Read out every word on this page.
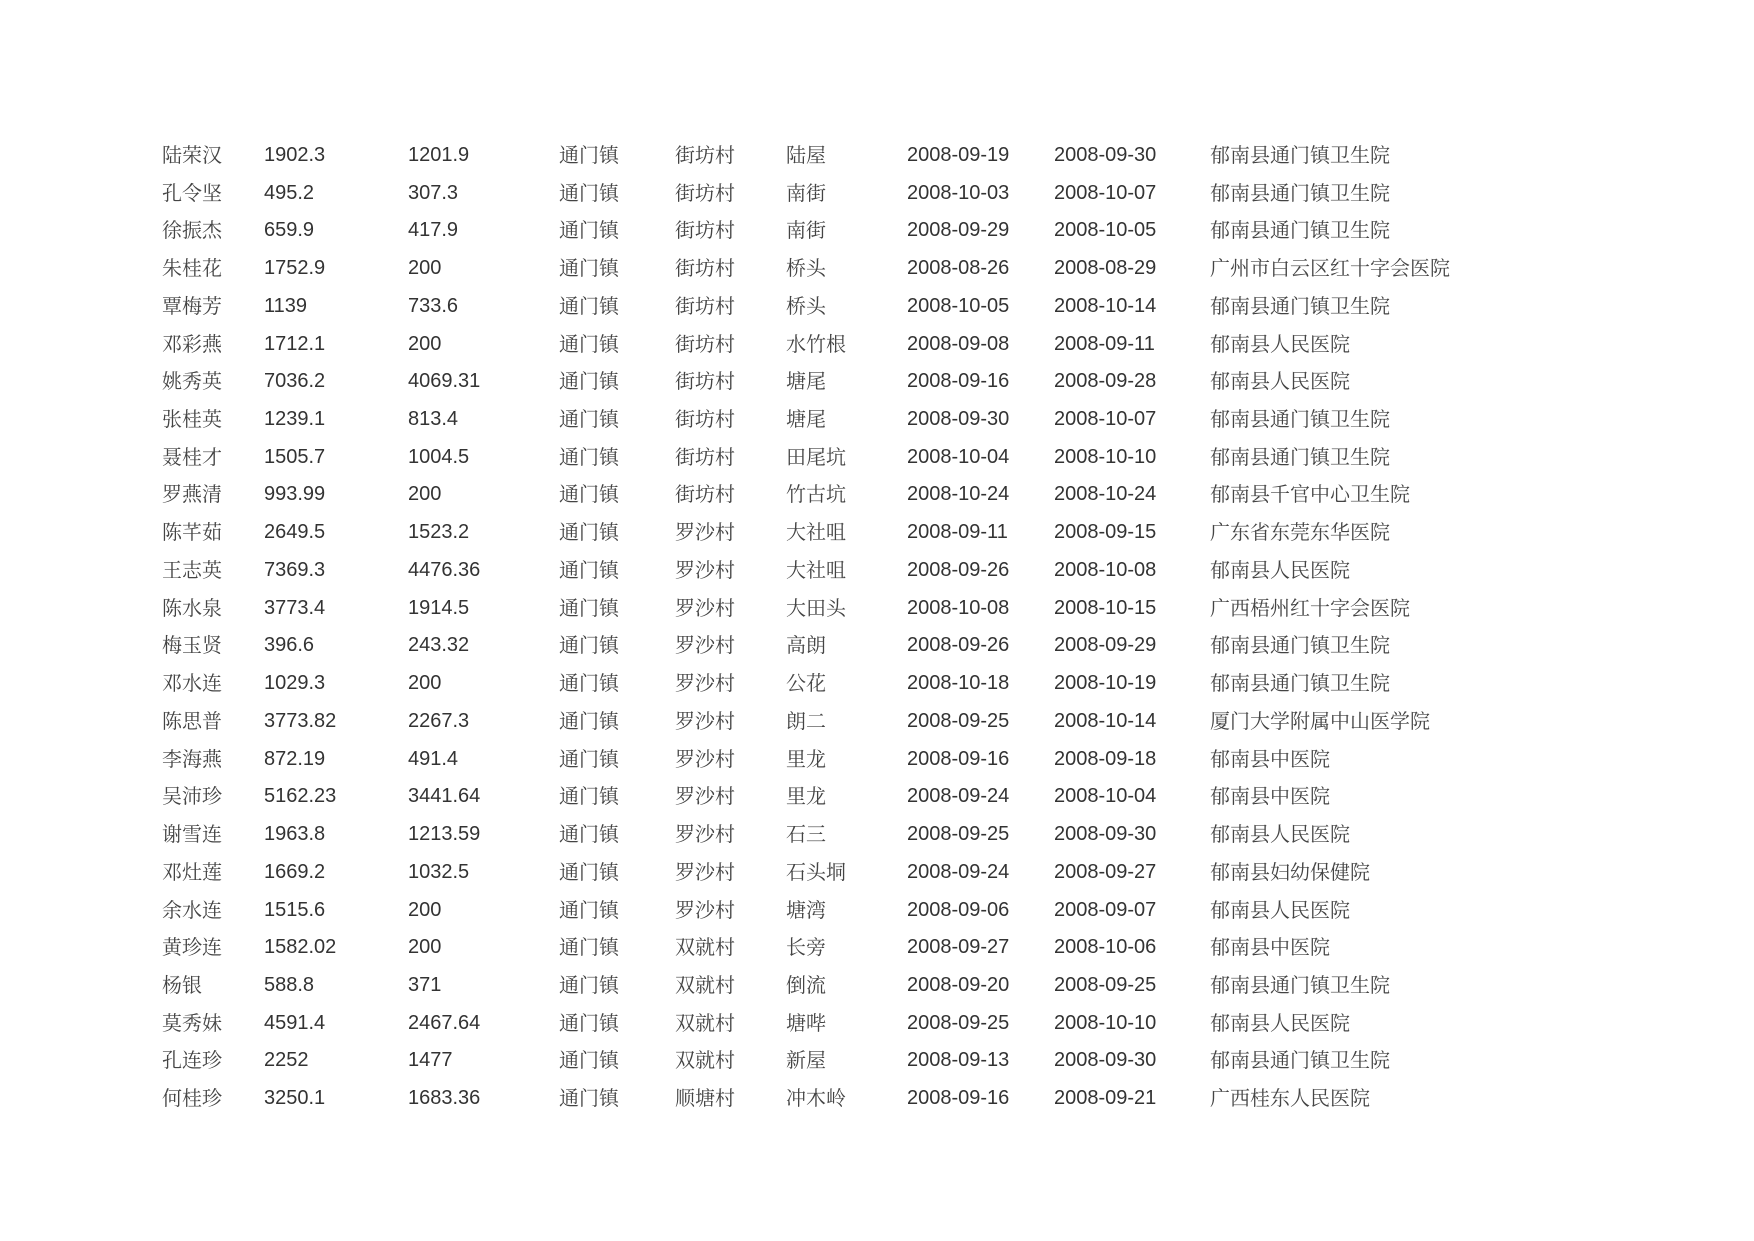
陆荣汉	1902.3	1201.9	通门镇	街坊村	陆屋	2008-09-19	2008-09-30	郁南县通门镇卫生院
孔令坚	495.2	307.3	通门镇	街坊村	南街	2008-10-03	2008-10-07	郁南县通门镇卫生院
徐振杰	659.9	417.9	通门镇	街坊村	南街	2008-09-29	2008-10-05	郁南县通门镇卫生院
朱桂花	1752.9	200	通门镇	街坊村	桥头	2008-08-26	2008-08-29	广州市白云区红十字会医院
覃梅芳	1139	733.6	通门镇	街坊村	桥头	2008-10-05	2008-10-14	郁南县通门镇卫生院
邓彩燕	1712.1	200	通门镇	街坊村	水竹根	2008-09-08	2008-09-11	郁南县人民医院
姚秀英	7036.2	4069.31	通门镇	街坊村	塘尾	2008-09-16	2008-09-28	郁南县人民医院
张桂英	1239.1	813.4	通门镇	街坊村	塘尾	2008-09-30	2008-10-07	郁南县通门镇卫生院
聂桂才	1505.7	1004.5	通门镇	街坊村	田尾坑	2008-10-04	2008-10-10	郁南县通门镇卫生院
罗燕清	993.99	200	通门镇	街坊村	竹古坑	2008-10-24	2008-10-24	郁南县千官中心卫生院
陈芊茹	2649.5	1523.2	通门镇	罗沙村	大社咀	2008-09-11	2008-09-15	广东省东莞东华医院
王志英	7369.3	4476.36	通门镇	罗沙村	大社咀	2008-09-26	2008-10-08	郁南县人民医院
陈水泉	3773.4	1914.5	通门镇	罗沙村	大田头	2008-10-08	2008-10-15	广西梧州红十字会医院
梅玉贤	396.6	243.32	通门镇	罗沙村	高朗	2008-09-26	2008-09-29	郁南县通门镇卫生院
邓水连	1029.3	200	通门镇	罗沙村	公花	2008-10-18	2008-10-19	郁南县通门镇卫生院
陈思普	3773.82	2267.3	通门镇	罗沙村	朗二	2008-09-25	2008-10-14	厦门大学附属中山医学院
李海燕	872.19	491.4	通门镇	罗沙村	里龙	2008-09-16	2008-09-18	郁南县中医院
吴沛珍	5162.23	3441.64	通门镇	罗沙村	里龙	2008-09-24	2008-10-04	郁南县中医院
谢雪连	1963.8	1213.59	通门镇	罗沙村	石三	2008-09-25	2008-09-30	郁南县人民医院
邓灶莲	1669.2	1032.5	通门镇	罗沙村	石头垌	2008-09-24	2008-09-27	郁南县妇幼保健院
余水连	1515.6	200	通门镇	罗沙村	塘湾	2008-09-06	2008-09-07	郁南县人民医院
黄珍连	1582.02	200	通门镇	双就村	长旁	2008-09-27	2008-10-06	郁南县中医院
杨银	588.8	371	通门镇	双就村	倒流	2008-09-20	2008-09-25	郁南县通门镇卫生院
莫秀妹	4591.4	2467.64	通门镇	双就村	塘哔	2008-09-25	2008-10-10	郁南县人民医院
孔连珍	2252	1477	通门镇	双就村	新屋	2008-09-13	2008-09-30	郁南县通门镇卫生院
何桂珍	3250.1	1683.36	通门镇	顺塘村	冲木岭	2008-09-16	2008-09-21	广西桂东人民医院
